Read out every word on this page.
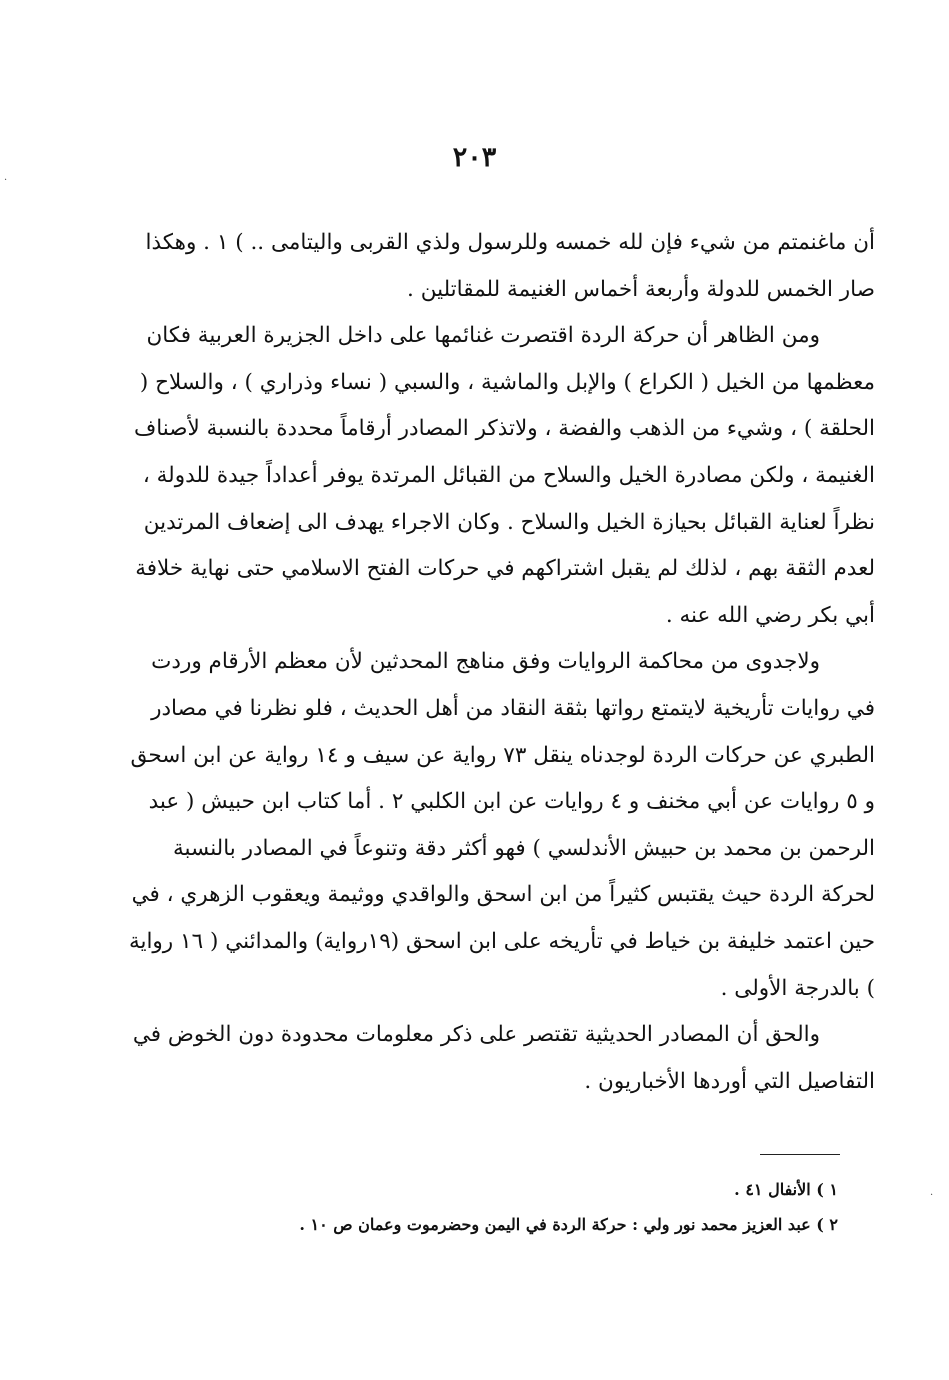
٢٠٣

أن ماغنمتم من شيء فإن لله خمسه وللرسول ولذي القربى واليتامى .. ) ١ . وهكذا صار الخمس للدولة وأربعة أخماس الغنيمة للمقاتلين .

ومن الظاهر أن حركة الردة اقتصرت غنائمها على داخل الجزيرة العربية فكان معظمها من الخيل ( الكراع ) والإبل والماشية ، والسبي ( نساء وذراري ) ، والسلاح ( الحلقة ) ، وشيء من الذهب والفضة ، ولاتذكر المصادر أرقاماً محددة بالنسبة لأصناف الغنيمة ، ولكن مصادرة الخيل والسلاح من القبائل المرتدة يوفر أعداداً جيدة للدولة ، نظراً لعناية القبائل بحيازة الخيل والسلاح . وكان الاجراء يهدف الى إضعاف المرتدين لعدم الثقة بهم ، لذلك لم يقبل اشتراكهم في حركات الفتح الاسلامي حتى نهاية خلافة أبي بكر رضي الله عنه .

ولاجدوى من محاكمة الروايات وفق مناهج المحدثين لأن معظم الأرقام وردت في روايات تأريخية لايتمتع رواتها بثقة النقاد من أهل الحديث ، فلو نظرنا في مصادر الطبري عن حركات الردة لوجدناه ينقل ٧٣ رواية عن سيف و ١٤ رواية عن ابن اسحق و ٥ روايات عن أبي مخنف و ٤ روايات عن ابن الكلبي ٢ . أما كتاب ابن حبيش ( عبد الرحمن بن محمد بن حبيش الأندلسي ) فهو أكثر دقة وتنوعاً في المصادر بالنسبة لحركة الردة حيث يقتبس كثيراً من ابن اسحق والواقدي ووثيمة ويعقوب الزهري ، في حين اعتمد خليفة بن خياط في تأريخه على ابن اسحق (١٩رواية) والمدائني ( ١٦ رواية ) بالدرجة الأولى .

والحق أن المصادر الحديثية تقتصر على ذكر معلومات محدودة دون الخوض في التفاصيل التي أوردها الأخباريون .

١ ) الأنفال ٤١ .
٢ ) عبد العزيز محمد نور ولي : حركة الردة في اليمن وحضرموت وعمان ص ١٠ .
·
·
